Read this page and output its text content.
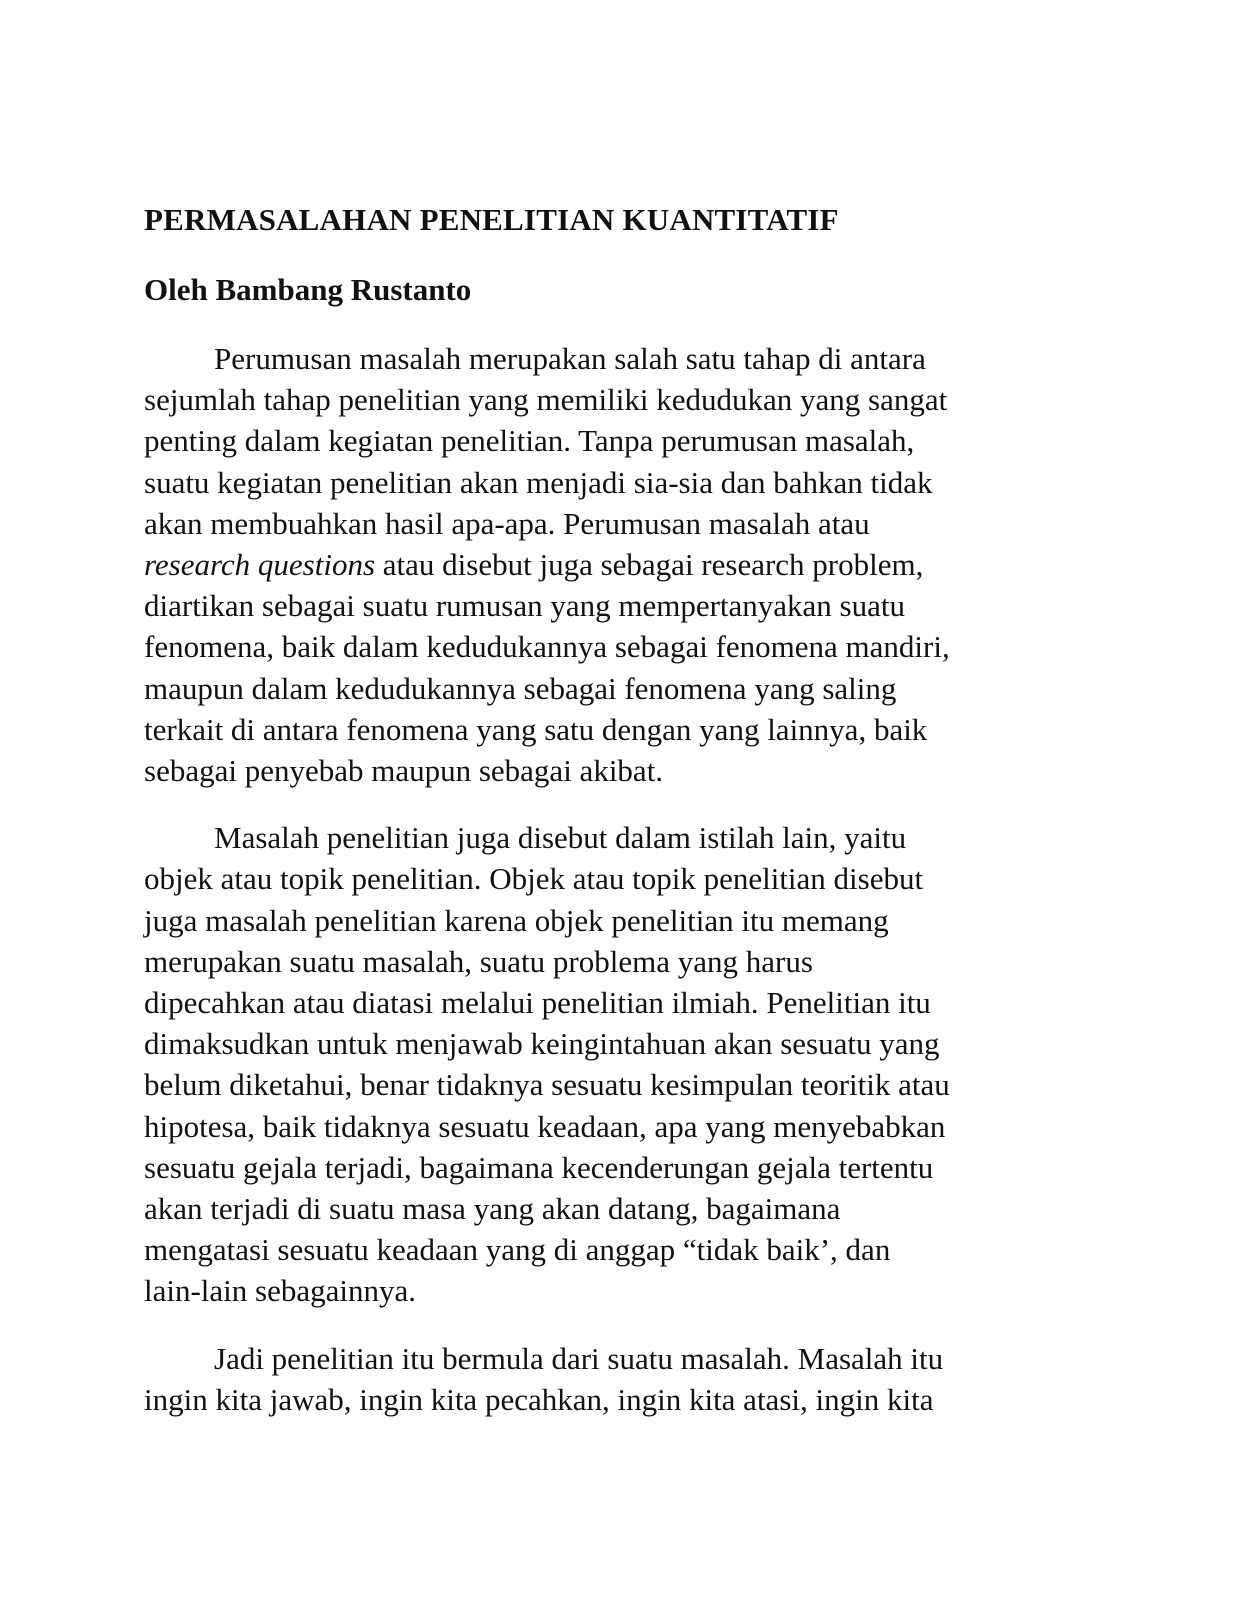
PERMASALAHAN PENELITIAN KUANTITATIF
Oleh Bambang Rustanto

Perumusan masalah merupakan salah satu tahap di antara
sejumlah tahap penelitian yang memiliki kedudukan yang sangat
penting dalam kegiatan penelitian. Tanpa perumusan masalah,
suatu kegiatan penelitian akan menjadi sia-sia dan bahkan tidak
akan membuahkan hasil apa-apa. Perumusan masalah atau
research questions atau disebut juga sebagai research problem,
diartikan sebagai suatu rumusan yang mempertanyakan suatu
fenomena, baik dalam kedudukannya sebagai fenomena mandiri,
maupun dalam kedudukannya sebagai fenomena yang saling
terkait di antara fenomena yang satu dengan yang lainnya, baik
sebagai penyebab maupun sebagai akibat.

Masalah penelitian juga disebut dalam istilah lain, yaitu
objek atau topik penelitian. Objek atau topik penelitian disebut
juga masalah penelitian karena objek penelitian itu memang
merupakan suatu masalah, suatu problema yang harus
dipecahkan atau diatasi melalui penelitian ilmiah. Penelitian itu
dimaksudkan untuk menjawab keingintahuan akan sesuatu yang
belum diketahui, benar tidaknya sesuatu kesimpulan teoritik atau
hipotesa, baik tidaknya sesuatu keadaan, apa yang menyebabkan
sesuatu gejala terjadi, bagaimana kecenderungan gejala tertentu
akan terjadi di suatu masa yang akan datang, bagaimana
mengatasi sesuatu keadaan yang di anggap “tidak baik’, dan
lain-lain sebagainnya.

Jadi penelitian itu bermula dari suatu masalah. Masalah itu
ingin kita jawab, ingin kita pecahkan, ingin kita atasi, ingin kita
